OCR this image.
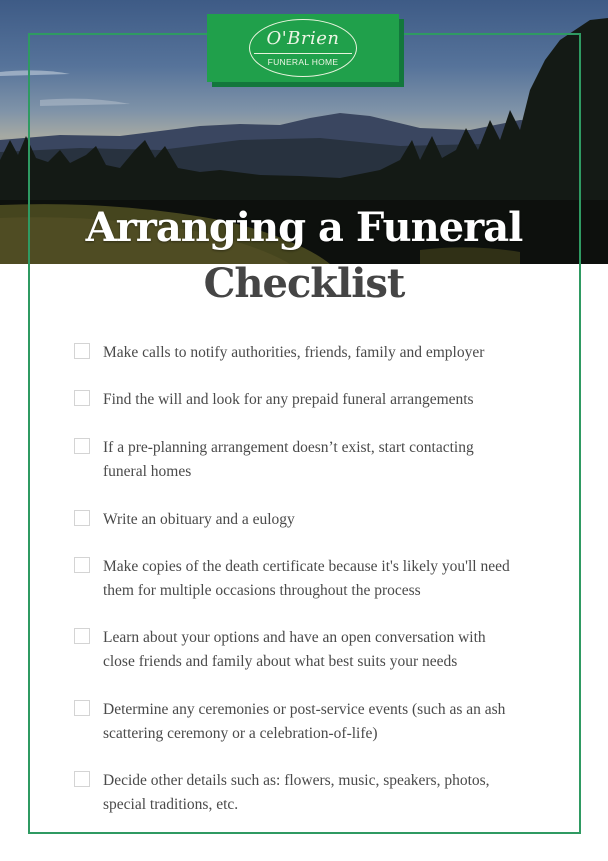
O'Brien
FUNERAL HOME
Arranging a Funeral
Checklist
Make calls to notify authorities, friends, family and employer
Find the will and look for any prepaid funeral arrangements
If a pre-planning arrangement doesn’t exist, start contacting funeral homes
Write an obituary and a eulogy
Make copies of the death certificate because it's likely you'll need them for multiple occasions throughout the process
Learn about your options and have an open conversation with close friends and family about what best suits your needs
Determine any ceremonies or post-service events (such as an ash scattering ceremony or a celebration-of-life)
Decide other details such as: flowers, music, speakers, photos, special traditions, etc.
